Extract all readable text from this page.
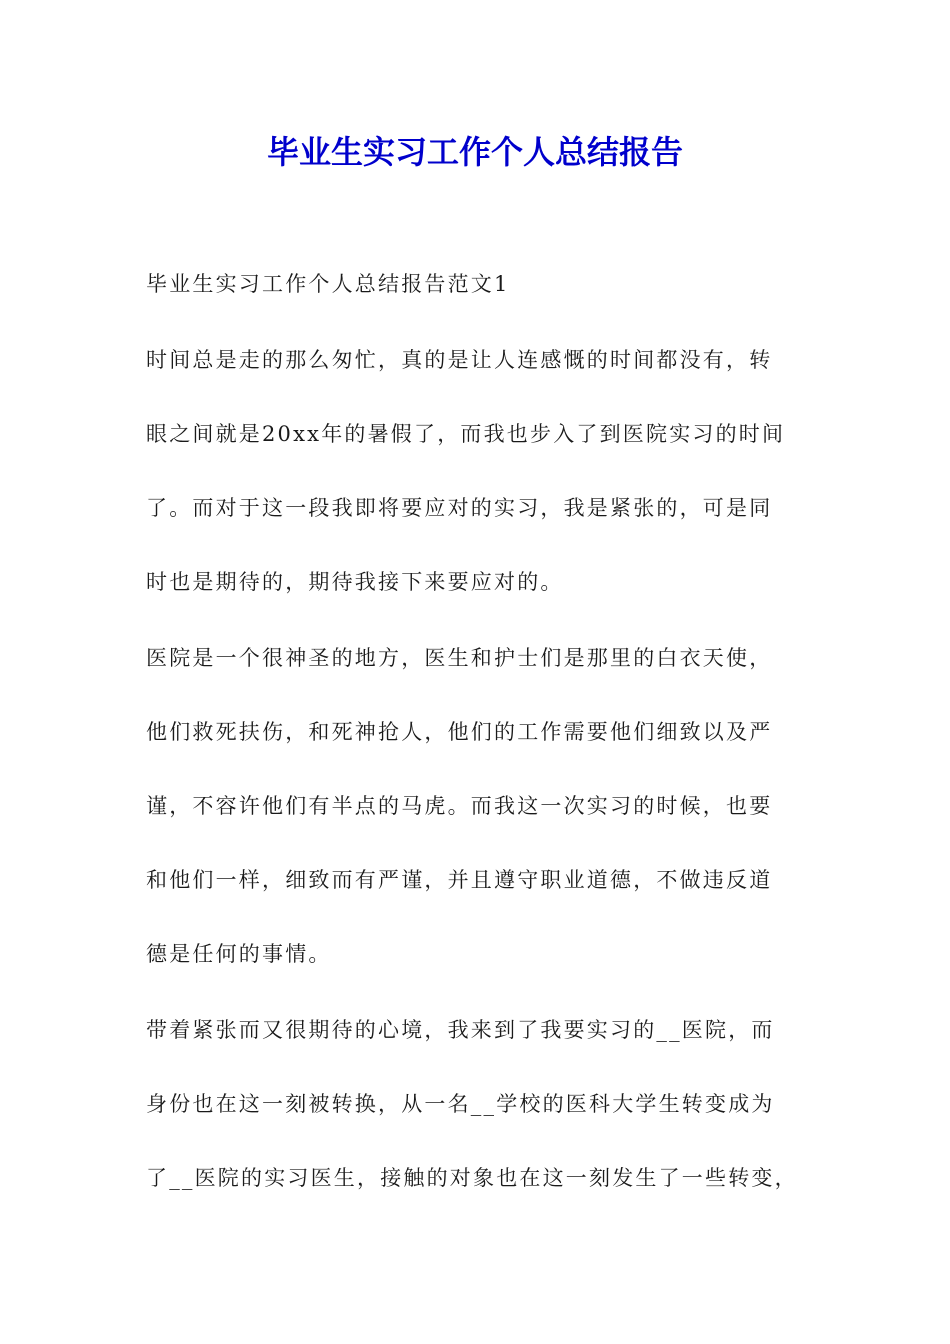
毕业生实习工作个人总结报告
毕业生实习工作个人总结报告范文1
时间总是走的那么匆忙，真的是让人连感慨的时间都没有，转
眼之间就是20xx年的暑假了，而我也步入了到医院实习的时间
了。而对于这一段我即将要应对的实习，我是紧张的，可是同
时也是期待的，期待我接下来要应对的。
医院是一个很神圣的地方，医生和护士们是那里的白衣天使，
他们救死扶伤，和死神抢人，他们的工作需要他们细致以及严
谨，不容许他们有半点的马虎。而我这一次实习的时候，也要
和他们一样，细致而有严谨，并且遵守职业道德，不做违反道
德是任何的事情。
带着紧张而又很期待的心境，我来到了我要实习的__医院，而
身份也在这一刻被转换，从一名__学校的医科大学生转变成为
了__医院的实习医生，接触的对象也在这一刻发生了一些转变，
